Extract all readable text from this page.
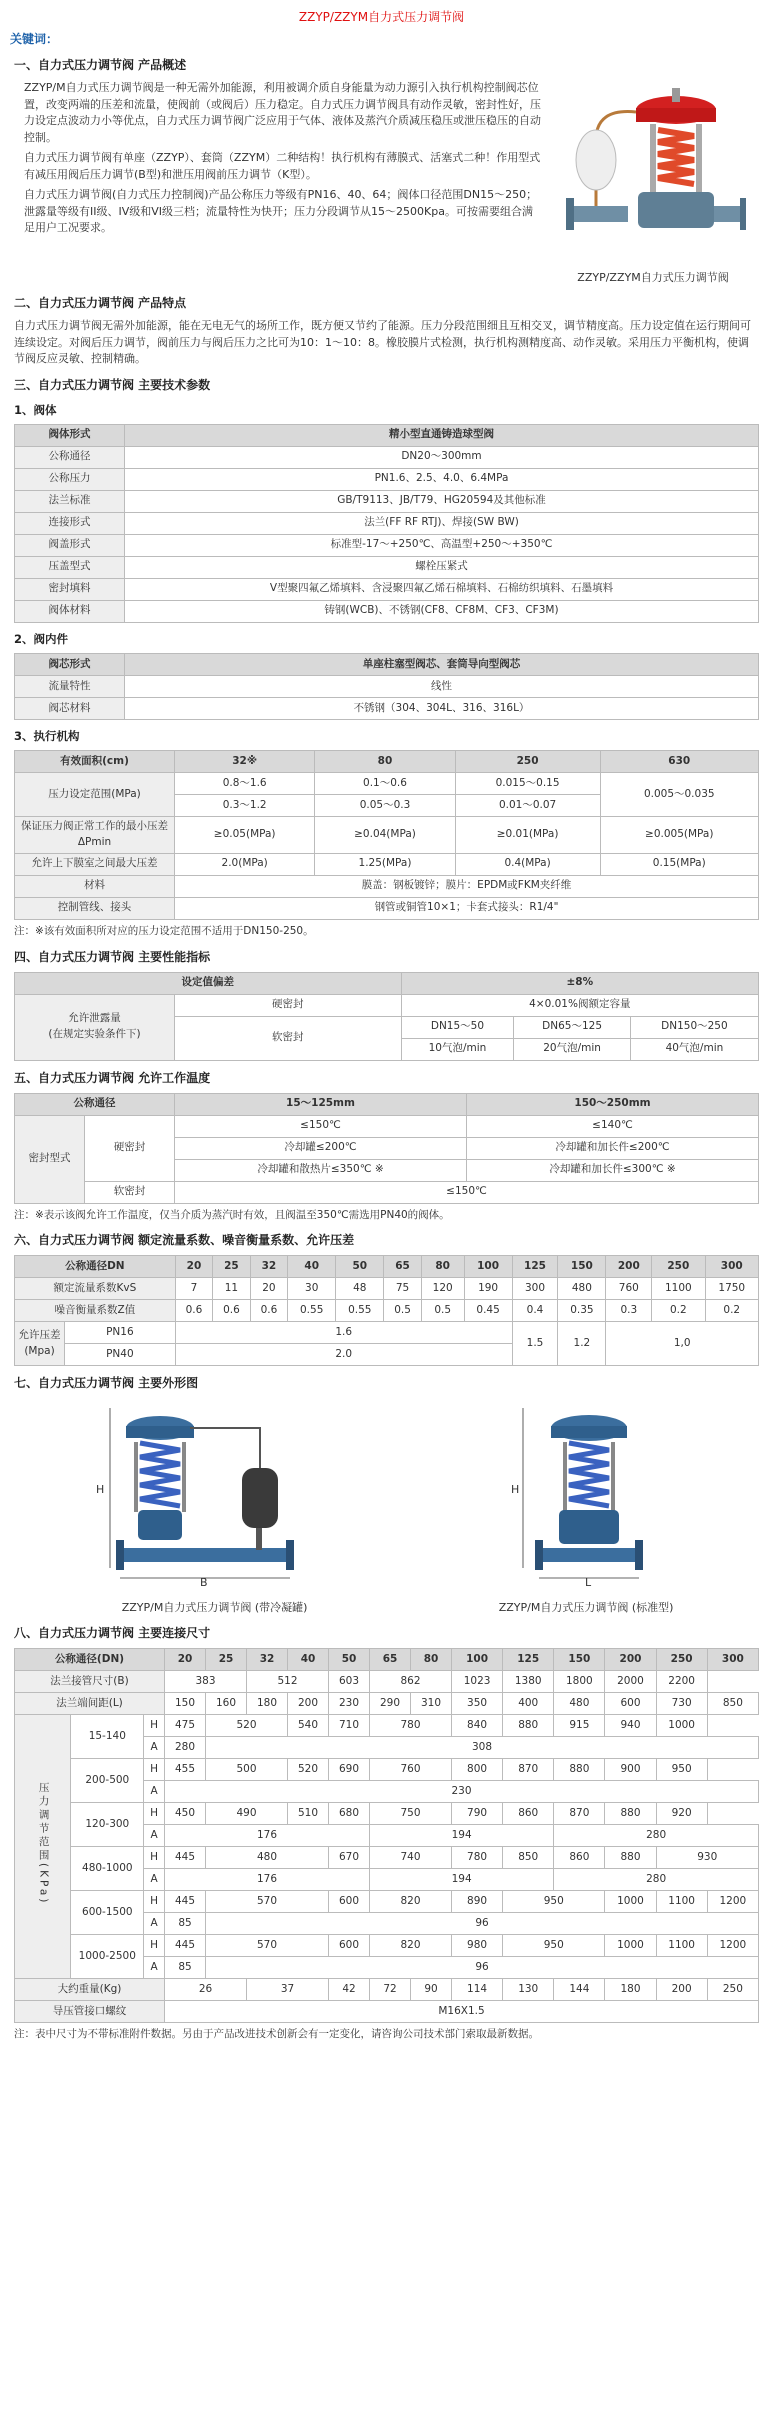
ZZYP/ZZYM自力式压力调节阀
关键词：
一、自力式压力调节阀 产品概述

ZZYP/M自力式压力调节阀是一种无需外加能源，利用被调介质自身能量为动力源引入执行机构控制阀芯位置，改变两端的压差和流量，使阀前（或阀后）压力稳定。自力式压力调节阀具有动作灵敏，密封性好，压力设定点波动力小等优点，自力式压力调节阀广泛应用于气体、液体及蒸汽介质减压稳压或泄压稳压的自动控制。

自力式压力调节阀有单座（ZZYP）、套筒（ZZYM）二种结构！执行机构有薄膜式、活塞式二种！作用型式有减压用阀后压力调节(B型)和泄压用阀前压力调节（K型）。

自力式压力调节阀(自力式压力控制阀)产品公称压力等级有PN16、40、64；阀体口径范围DN15～250；泄露量等级有II级、IV级和VI级三档；流量特性为快开；压力分段调节从15～2500Kpa。可按需要组合满足用户工况要求。

ZZYP/ZZYM自力式压力调节阀
二、自力式压力调节阀 产品特点

自力式压力调节阀无需外加能源，能在无电无气的场所工作，既方便又节约了能源。压力分段范围细且互相交叉，调节精度高。压力设定值在运行期间可连续设定。对阀后压力调节，阀前压力与阀后压力之比可为10：1～10：8。橡胶膜片式检测，执行机构测精度高、动作灵敏。采用压力平衡机构，使调节阀反应灵敏、控制精确。

三、自力式压力调节阀 主要技术参数
1、阀体
阀体形式	精小型直通铸造球型阀
公称通径	DN20～300mm
公称压力	PN1.6、2.5、4.0、6.4MPa
法兰标准	GB/T9113、JB/T79、HG20594及其他标准
连接形式	法兰(FF RF RTJ)、焊接(SW BW)
阀盖形式	标准型-17～+250℃、高温型+250～+350℃
压盖型式	螺栓压紧式
密封填料	V型聚四氟乙烯填料、含浸聚四氟乙烯石棉填料、石棉纺织填料、石墨填料
阀体材料	铸钢(WCB)、不锈钢(CF8、CF8M、CF3、CF3M)
2、阀内件
阀芯形式	单座柱塞型阀芯、套筒导向型阀芯
流量特性	线性
阀芯材料	不锈钢（304、304L、316、316L）
3、执行机构
有效面积(cm)	32※	80	250	630
压力设定范围(MPa)	0.8～1.6	0.1～0.6	0.015～0.15	0.005～0.035
	0.3～1.2	0.05～0.3	0.01～0.07	
保证压力阀正常工作的最小压差ΔPmin	≥0.05(MPa)	≥0.04(MPa)	≥0.01(MPa)	≥0.005(MPa)
允许上下膜室之间最大压差	2.0(MPa)	1.25(MPa)	0.4(MPa)	0.15(MPa)
材料	膜盖：钢板镀锌；膜片：EPDM或FKM夹纤维			
控制管线、接头	钢管或铜管10×1；卡套式接头：R1/4"			
注：※该有效面积所对应的压力设定范围不适用于DN150-250。
四、自力式压力调节阀 主要性能指标
设定值偏差		±8%		
允许泄露量
(在规定实验条件下)	硬密封	4×0.01%阀额定容量		
	软密封	DN15～50	DN65～125	DN150～250
		10气泡/min	20气泡/min	40气泡/min
五、自力式压力调节阀 允许工作温度
公称通径		15～125mm	150～250mm
密封型式	硬密封	≤150℃	≤140℃
		冷却罐≤200℃	冷却罐和加长件≤200℃
		冷却罐和散热片≤350℃ ※	冷却罐和加长件≤300℃ ※
	软密封	≤150℃	
注：※表示该阀允许工作温度，仅当介质为蒸汽时有效，且阀温至350℃需选用PN40的阀体。
六、自力式压力调节阀 额定流量系数、噪音衡量系数、允许压差
公称通径DN		20	25	32	40	50	65	80	100	125	150	200	250	300
额定流量系数KvS		7	11	20	30	48	75	120	190	300	480	760	1100	1750
噪音衡量系数Z值		0.6	0.6	0.6	0.55	0.55	0.5	0.5	0.45	0.4	0.35	0.3	0.2	0.2
允许压差
(Mpa)	PN16	1.6								1.5	1.2	1,0		
	PN40	2.0												
七、自力式压力调节阀 主要外形图
H
B
ZZYP/M自力式压力调节阀 (带冷凝罐)
H
L
ZZYP/M自力式压力调节阀 (标准型)
八、自力式压力调节阀 主要连接尺寸
公称通径(DN)			20	25	32	40	50	65	80	100	125	150	200	250	300
法兰接管尺寸(B)			383		512		603	862		1023	1380	1800	2000	2200	
法兰端间距(L)			150	160	180	200	230	290	310	350	400	480	600	730	850
压力调节范围(KPa)	15-140	H	475	520		540	710	780		840	880	915	940	1000	
		A	280	308											
	200-500	H	455	500		520	690	760		800	870	880	900	950	
		A	230												
	120-300	H	450	490		510	680	750		790	860	870	880	920	
		A	176					194				280			
	480-1000	H	445	480			670	740		780	850	860	880	930	
		A	176					194				280			
	600-1500	H	445	570			600	820		890	950		1000	1100	1200
		A	85	96											
	1000-2500	H	445	570			600	820		980	950		1000	1100	1200
		A	85	96											
大约重量(Kg)			26		37		42	72	90	114	130	144	180	200	250
导压管接口螺纹			M16X1.5												
注：表中尺寸为不带标准附件数据。另由于产品改进技术创新会有一定变化，请咨询公司技术部门索取最新数据。
